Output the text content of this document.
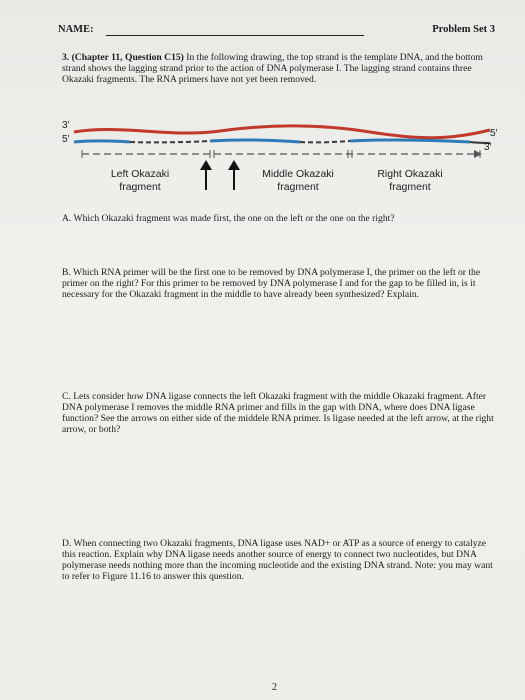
NAME:	Problem Set 3
3. (Chapter 11, Question C15) In the following drawing, the top strand is the template DNA, and the bottom strand shows the lagging strand prior to the action of DNA polymerase I. The lagging strand contains three Okazaki fragments. The RNA primers have not yet been removed.
3′
5′
5′
3′
Left Okazaki
fragment
Middle Okazaki
fragment
Right Okazaki
fragment
A. Which Okazaki fragment was made first, the one on the left or the one on the right?
B. Which RNA primer will be the first one to be removed by DNA polymerase I, the primer on the left or the primer on the right? For this primer to be removed by DNA polymerase I and for the gap to be filled in, is it necessary for the Okazaki fragment in the middle to have already been synthesized? Explain.
C. Lets consider how DNA ligase connects the left Okazaki fragment with the middle Okazaki fragment. After DNA polymerase I removes the middle RNA primer and fills in the gap with DNA, where does DNA ligase function? See the arrows on either side of the middele RNA primer. Is ligase needed at the left arrow, at the right arrow, or both?
D. When connecting two Okazaki fragments, DNA ligase uses NAD+ or ATP as a source of energy to catalyze this reaction. Explain why DNA ligase needs another source of energy to connect two nucleotides, but DNA polymerase needs nothing more than the incoming nucleotide and the existing DNA strand. Note: you may want to refer to Figure 11.16 to answer this question.
2
